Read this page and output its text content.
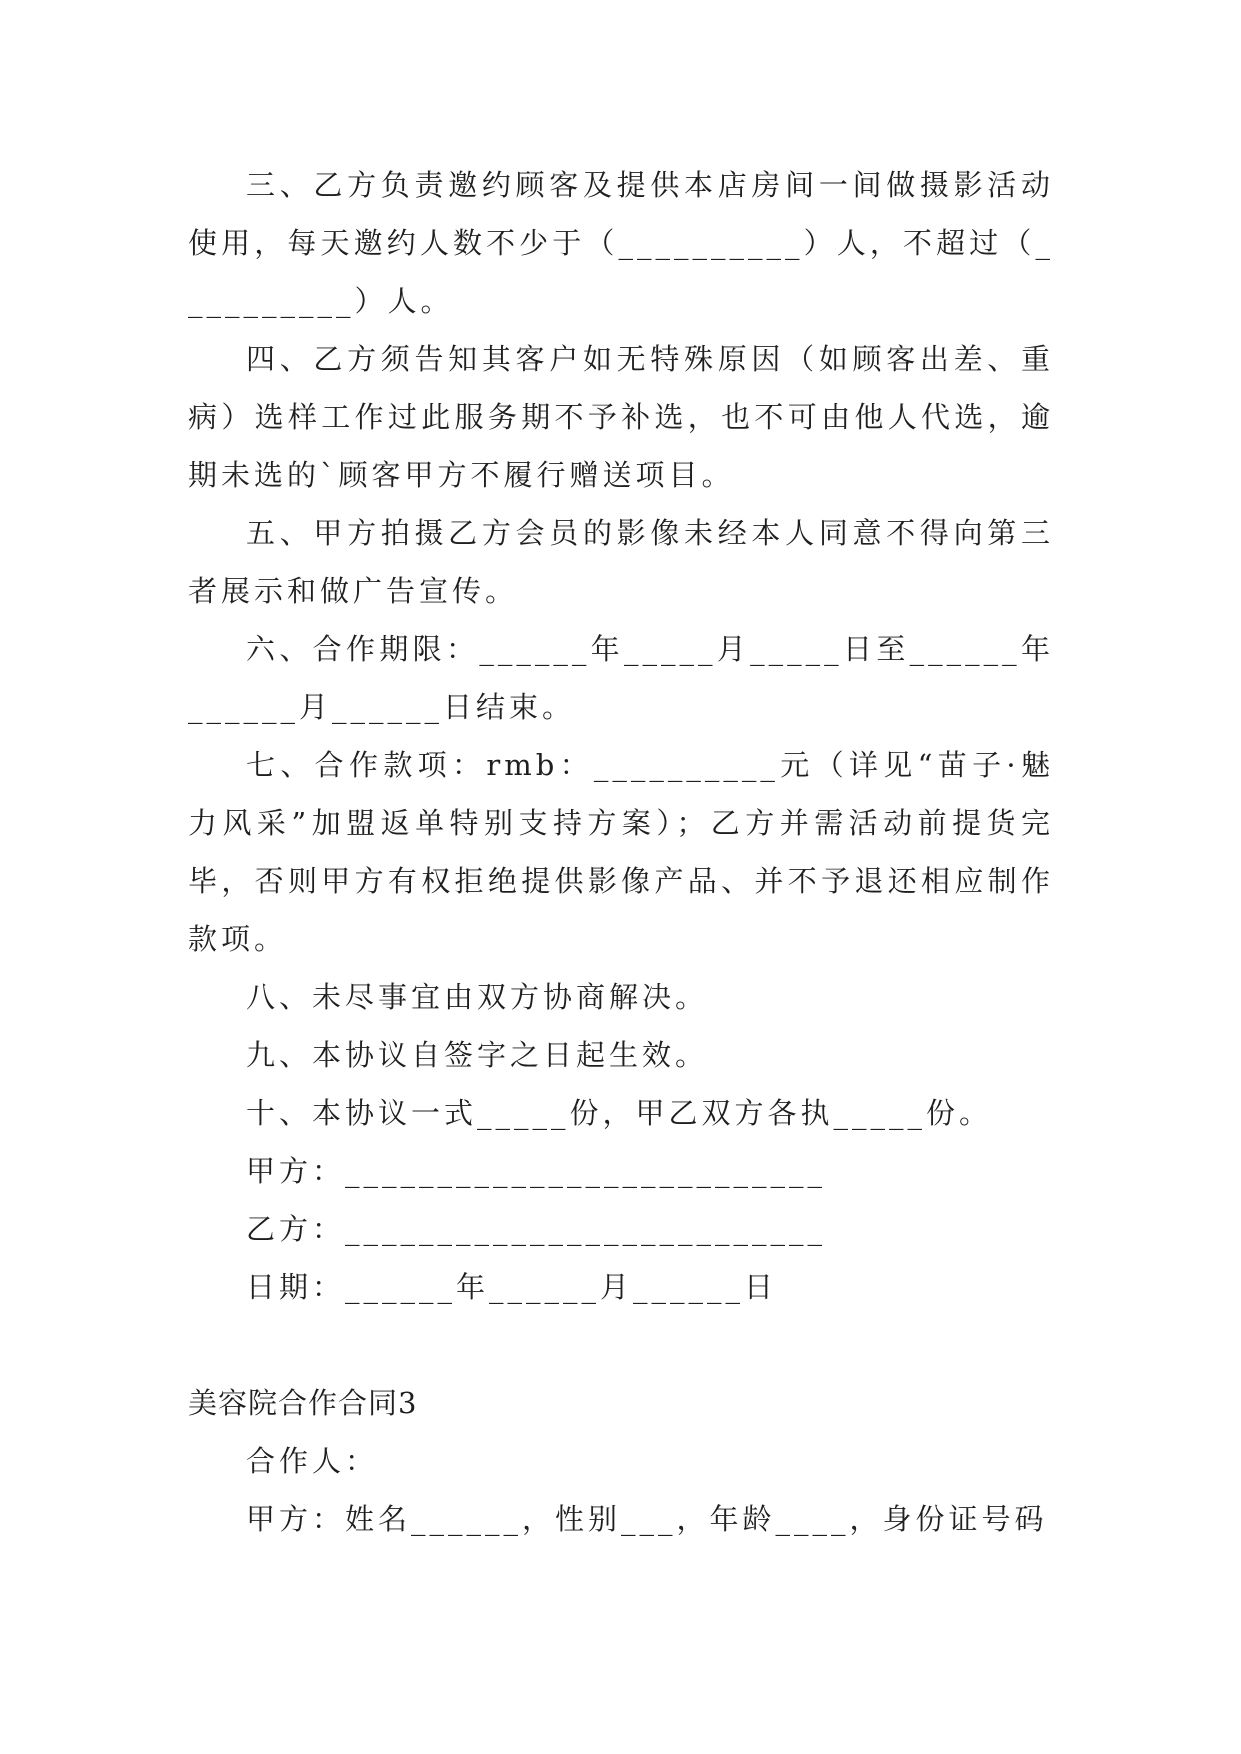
三、乙方负责邀约顾客及提供本店房间一间做摄影活动使用，每天邀约人数不少于（__________）人，不超过（__________）人。

四、乙方须告知其客户如无特殊原因（如顾客出差、重病）选样工作过此服务期不予补选，也不可由他人代选，逾期未选的`顾客甲方不履行赠送项目。

五、甲方拍摄乙方会员的影像未经本人同意不得向第三者展示和做广告宣传。

六、合作期限：______年_____月_____日至______年______月______日结束。

七、合作款项：rmb：__________元（详见“苗子·魅力风采”加盟返单特别支持方案）；乙方并需活动前提货完毕，否则甲方有权拒绝提供影像产品、并不予退还相应制作款项。

八、未尽事宜由双方协商解决。

九、本协议自签字之日起生效。

十、本协议一式_____份，甲乙双方各执_____份。

甲方：__________________________

乙方：__________________________

日期：______年______月______日

美容院合作合同3

合作人：

甲方：姓名______，性别___，年龄____，身份证号码
